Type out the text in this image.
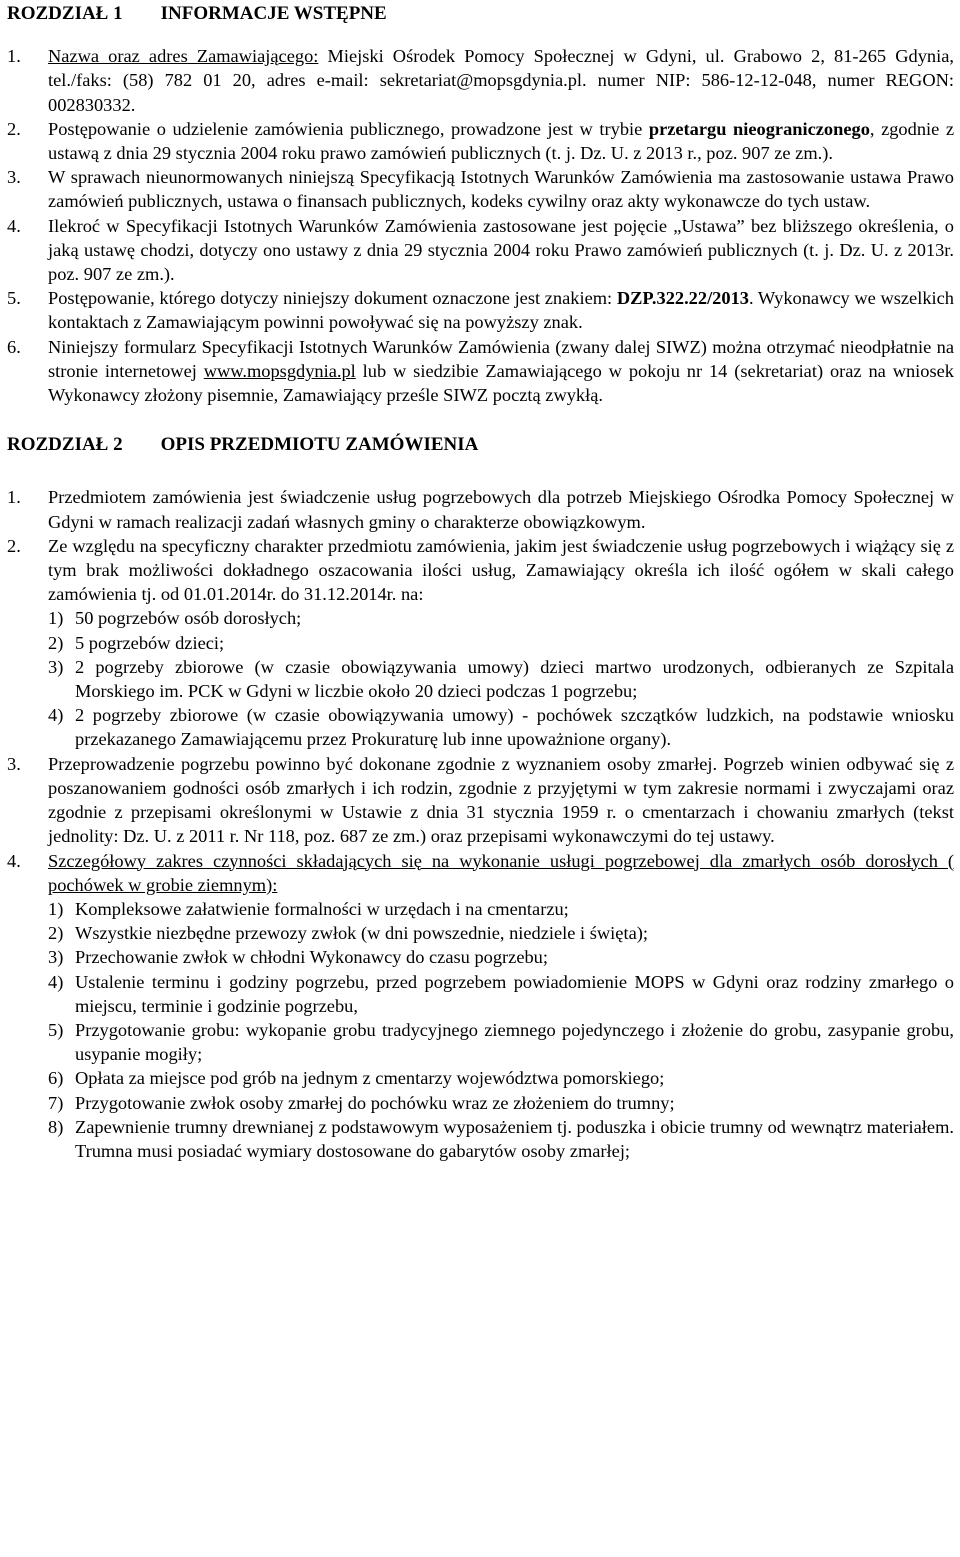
ROZDZIAŁ 1 INFORMACJE WSTĘPNE
1. Nazwa oraz adres Zamawiającego: Miejski Ośrodek Pomocy Społecznej w Gdyni, ul. Grabowo 2, 81-265 Gdynia, tel./faks: (58) 782 01 20, adres e-mail: sekretariat@mopsgdynia.pl. numer NIP: 586-12-12-048, numer REGON: 002830332.
2. Postępowanie o udzielenie zamówienia publicznego, prowadzone jest w trybie przetargu nieograniczonego, zgodnie z ustawą z dnia 29 stycznia 2004 roku prawo zamówień publicznych (t. j. Dz. U. z 2013 r., poz. 907 ze zm.).
3. W sprawach nieunormowanych niniejszą Specyfikacją Istotnych Warunków Zamówienia ma zastosowanie ustawa Prawo zamówień publicznych, ustawa o finansach publicznych, kodeks cywilny oraz akty wykonawcze do tych ustaw.
4. Ilekroć w Specyfikacji Istotnych Warunków Zamówienia zastosowane jest pojęcie „Ustawa” bez bliższego określenia, o jaką ustawę chodzi, dotyczy ono ustawy z dnia 29 stycznia 2004 roku Prawo zamówień publicznych (t. j. Dz. U. z 2013r. poz. 907 ze zm.).
5. Postępowanie, którego dotyczy niniejszy dokument oznaczone jest znakiem: DZP.322.22/2013. Wykonawcy we wszelkich kontaktach z Zamawiającym powinni powoływać się na powyższy znak.
6. Niniejszy formularz Specyfikacji Istotnych Warunków Zamówienia (zwany dalej SIWZ) można otrzymać nieodpłatnie na stronie internetowej www.mopsgdynia.pl lub w siedzibie Zamawiającego w pokoju nr 14 (sekretariat) oraz na wniosek Wykonawcy złożony pisemnie, Zamawiający prześle SIWZ pocztą zwykłą.
ROZDZIAŁ 2 OPIS PRZEDMIOTU ZAMÓWIENIA
1. Przedmiotem zamówienia jest świadczenie usług pogrzebowych dla potrzeb Miejskiego Ośrodka Pomocy Społecznej w Gdyni w ramach realizacji zadań własnych gminy o charakterze obowiązkowym.
2. Ze względu na specyficzny charakter przedmiotu zamówienia, jakim jest świadczenie usług pogrzebowych i wiążący się z tym brak możliwości dokładnego oszacowania ilości usług, Zamawiający określa ich ilość ogółem w skali całego zamówienia tj. od 01.01.2014r. do 31.12.2014r. na:
1) 50 pogrzebów osób dorosłych;
2) 5 pogrzebów dzieci;
3) 2 pogrzeby zbiorowe (w czasie obowiązywania umowy) dzieci martwo urodzonych, odbieranych ze Szpitala Morskiego im. PCK w Gdyni w liczbie około 20 dzieci podczas 1 pogrzebu;
4) 2 pogrzeby zbiorowe (w czasie obowiązywania umowy) - pochówek szczątków ludzkich, na podstawie wniosku przekazanego Zamawiającemu przez Prokuraturę lub inne upoważnione organy).
3. Przeprowadzenie pogrzebu powinno być dokonane zgodnie z wyznaniem osoby zmarłej. Pogrzeb winien odbywać się z poszanowaniem godności osób zmarłych i ich rodzin, zgodnie z przyjętymi w tym zakresie normami i zwyczajami oraz zgodnie z przepisami określonymi w Ustawie z dnia 31 stycznia 1959 r. o cmentarzach i chowaniu zmarłych (tekst jednolity: Dz. U. z 2011 r. Nr 118, poz. 687 ze zm.) oraz przepisami wykonawczymi do tej ustawy.
4. Szczegółowy zakres czynności składających się na wykonanie usługi pogrzebowej dla zmarłych osób dorosłych ( pochówek w grobie ziemnym):
1) Kompleksowe załatwienie formalności w urzędach i na cmentarzu;
2) Wszystkie niezbędne przewozy zwłok (w dni powszednie, niedziele i święta);
3) Przechowanie zwłok w chłodni Wykonawcy do czasu pogrzebu;
4) Ustalenie terminu i godziny pogrzebu, przed pogrzebem powiadomienie MOPS w Gdyni oraz rodziny zmarłego o miejscu, terminie i godzinie pogrzebu,
5) Przygotowanie grobu: wykopanie grobu tradycyjnego ziemnego pojedynczego i złożenie do grobu, zasypanie grobu, usypanie mogiły;
6) Opłata za miejsce pod grób na jednym z cmentarzy województwa pomorskiego;
7) Przygotowanie zwłok osoby zmarłej do pochówku wraz ze złożeniem do trumny;
8) Zapewnienie trumny drewnianej z podstawowym wyposażeniem tj. poduszka i obicie trumny od wewnątrz materiałem. Trumna musi posiadać wymiary dostosowane do gabarytów osoby zmarłej;
